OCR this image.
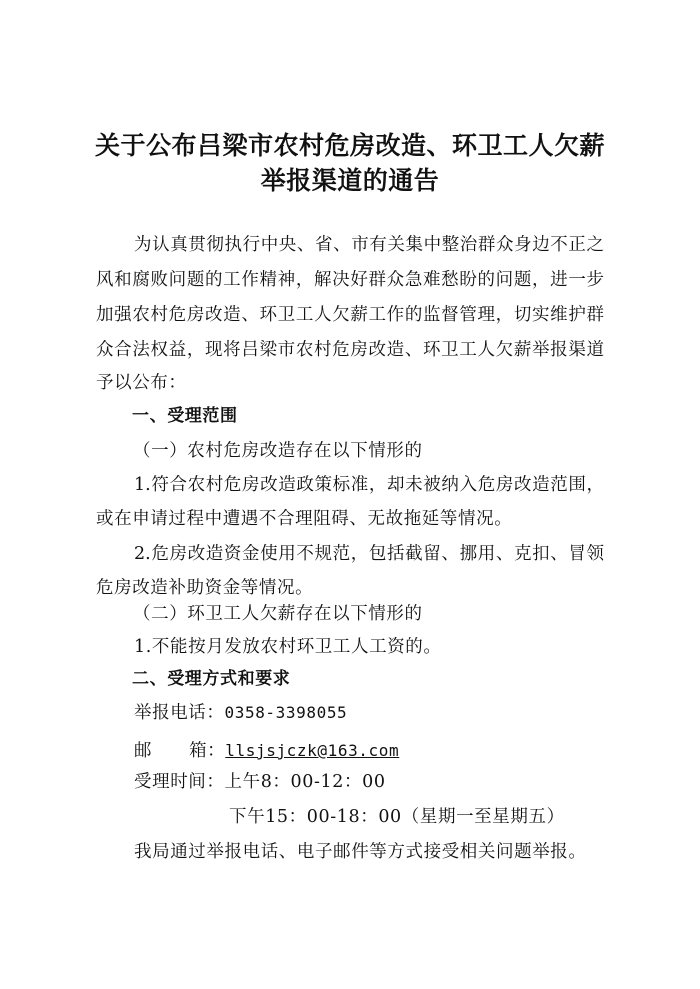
关于公布吕梁市农村危房改造、环卫工人欠薪
举报渠道的通告
为认真贯彻执行中央、省、市有关集中整治群众身边不正之
风和腐败问题的工作精神，解决好群众急难愁盼的问题，进一步
加强农村危房改造、环卫工人欠薪工作的监督管理，切实维护群
众合法权益，现将吕梁市农村危房改造、环卫工人欠薪举报渠道
予以公布：
一、受理范围
（一）农村危房改造存在以下情形的
1.符合农村危房改造政策标准，却未被纳入危房改造范围，
或在申请过程中遭遇不合理阻碍、无故拖延等情况。
2.危房改造资金使用不规范，包括截留、挪用、克扣、冒领
危房改造补助资金等情况。
（二）环卫工人欠薪存在以下情形的
1.不能按月发放农村环卫工人工资的。
二、受理方式和要求
举报电话：0358-3398055
邮      箱：llsjsjczk@163.com
受理时间：上午8：00-12：00
下午15：00-18：00（星期一至星期五）
我局通过举报电话、电子邮件等方式接受相关问题举报。
